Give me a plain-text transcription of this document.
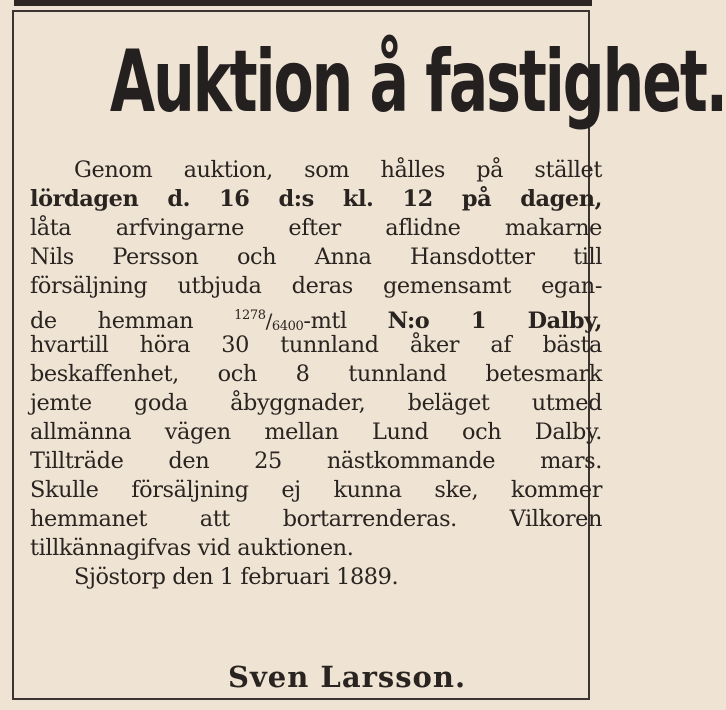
Auktion å fastighet.
Genom auktion, som hålles på stället
lördagen d. 16 d:s kl. 12 på dagen,
låta arfvingarne efter aflidne makarne
Nils Persson och Anna Hansdotter till
försäljning utbjuda deras gemensamt egan-
de hemman	$^{1278}/_{6400}$-mtl N:o 1 Dalby,
hvartill höra 30 tunnland åker af bästa
beskaffenhet, och 8 tunnland betesmark
jemte goda åbyggnader, beläget utmed
allmänna vägen mellan Lund och Dalby.
Tillträde den 25 nästkommande mars.
Skulle försäljning ej kunna ske, kommer
hemmanet att bortarrenderas. Vilkoren
tillkännagifvas vid auktionen.
Sjöstorp den 1 februari 1889.
Sven Larsson.
